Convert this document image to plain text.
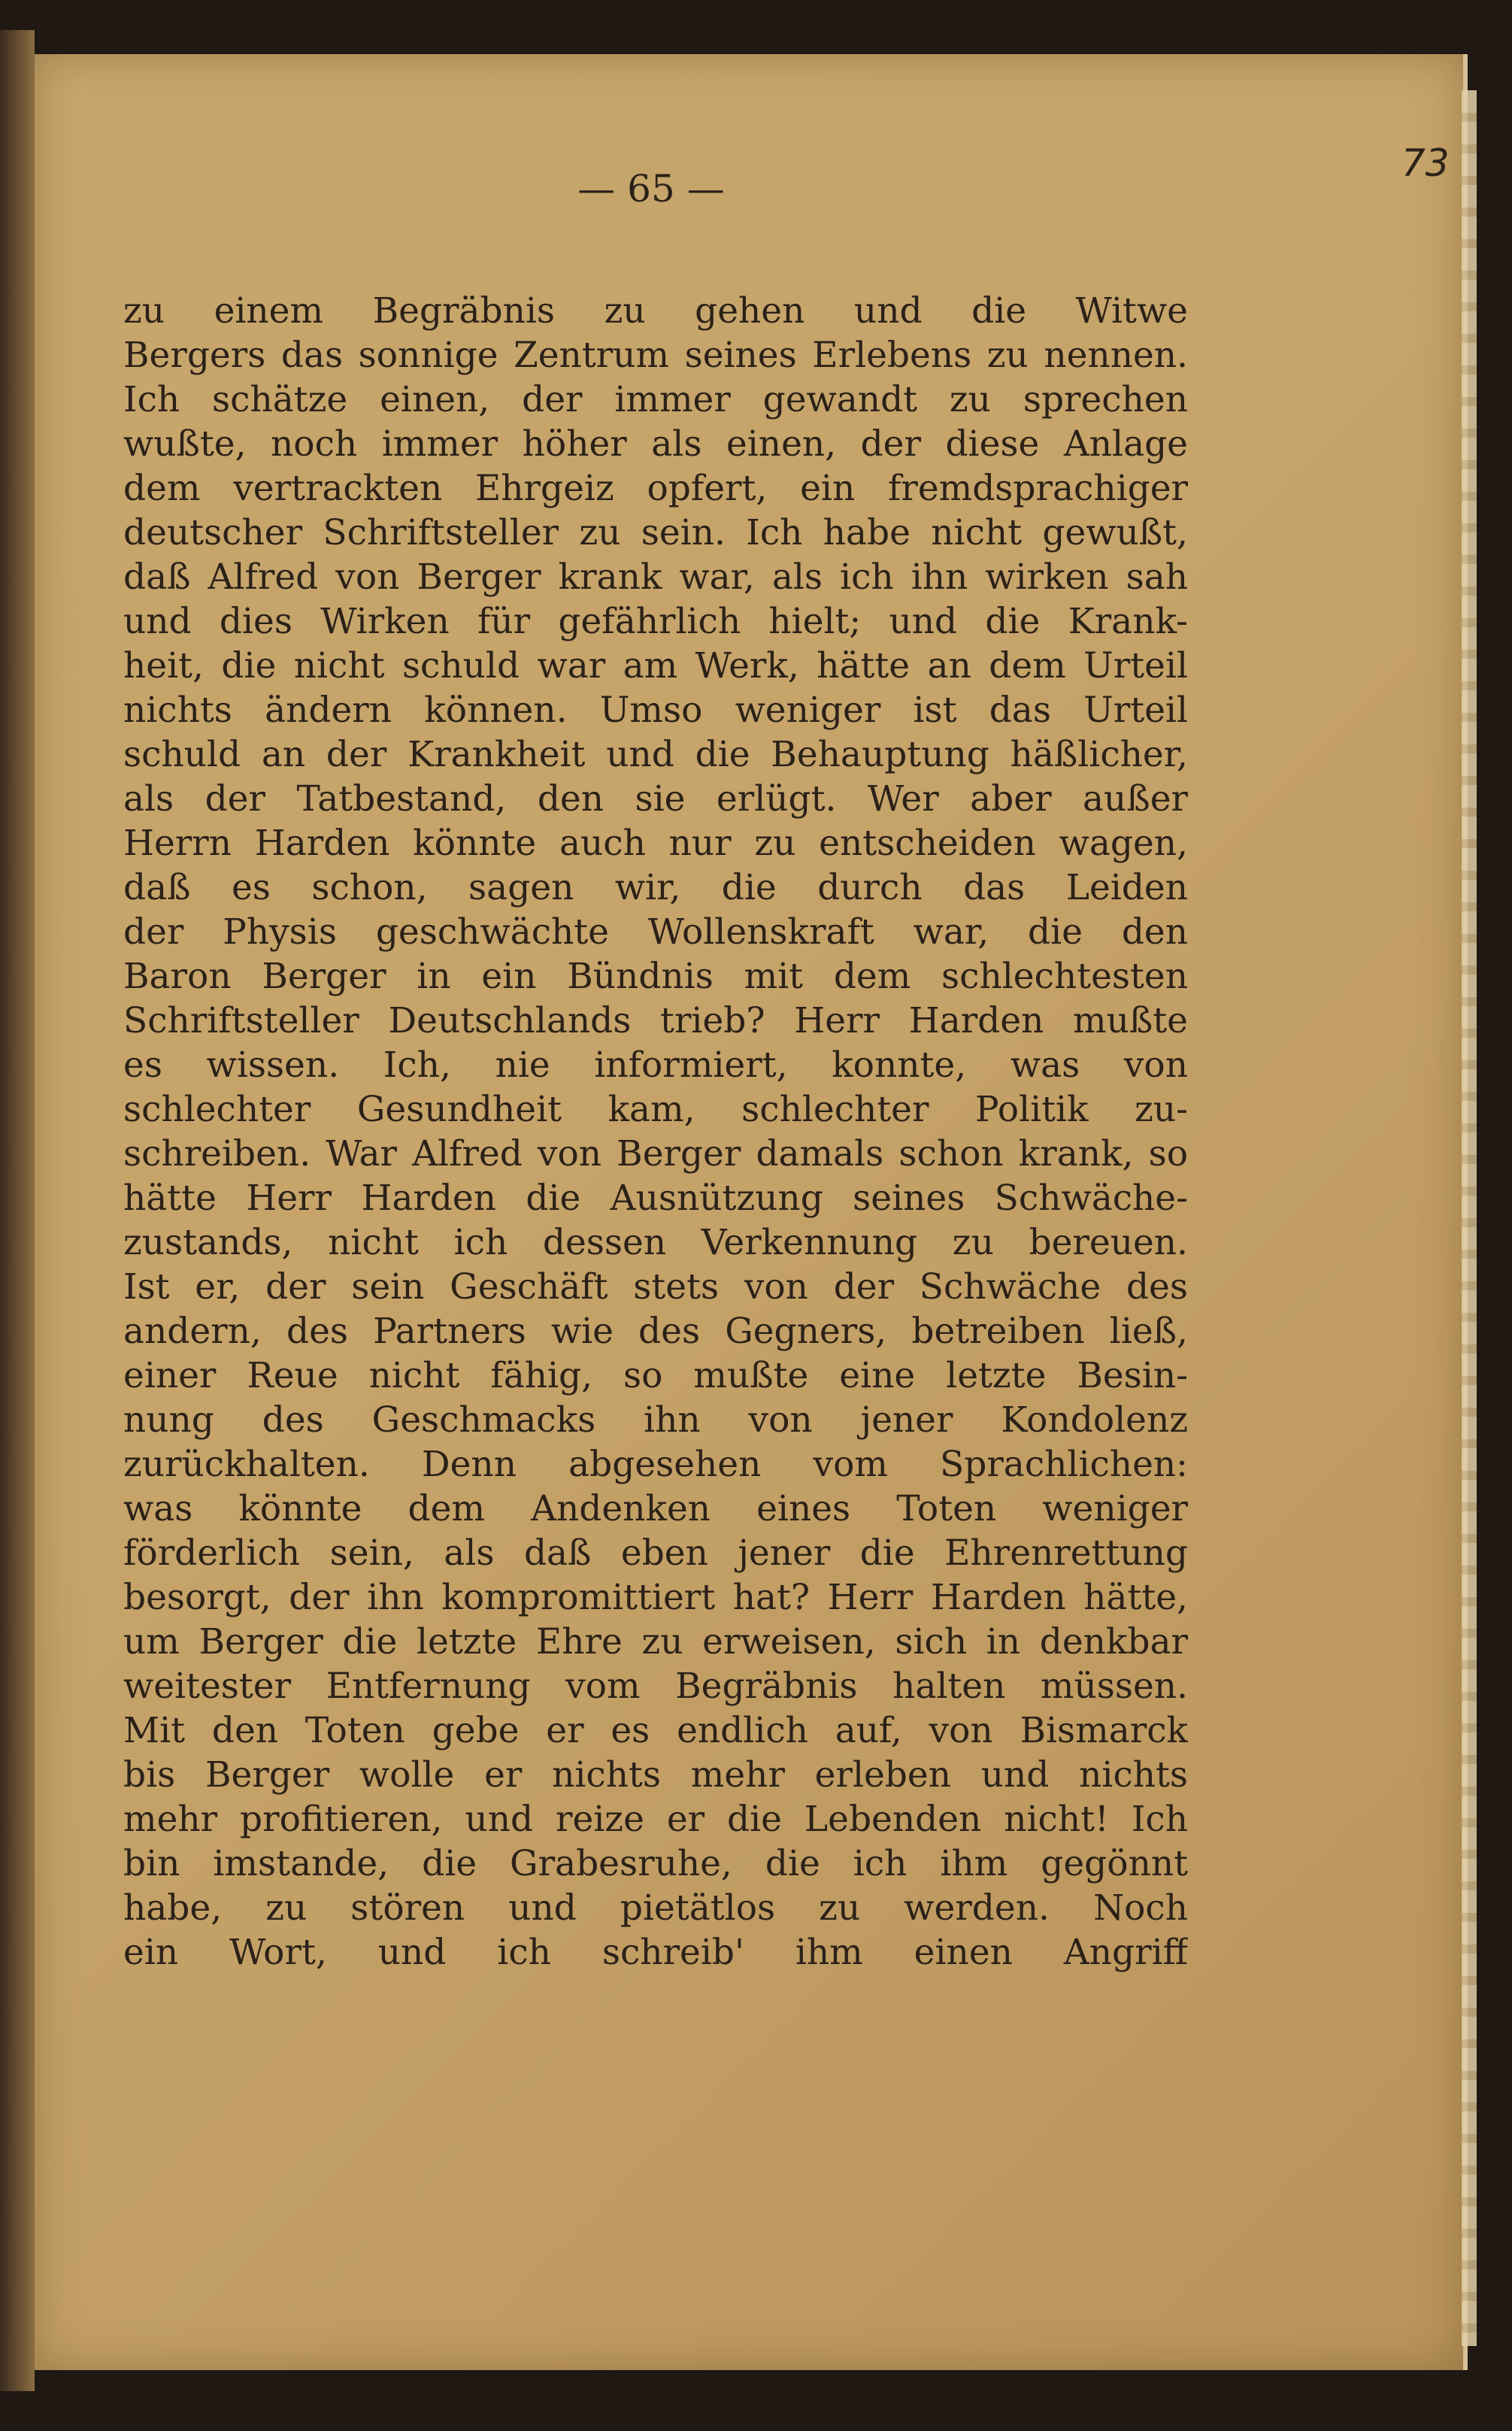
— 65 —
73
zu einem Begräbnis zu gehen und die Witwe
Bergers das sonnige Zentrum seines Erlebens zu nennen.
Ich schätze einen, der immer gewandt zu sprechen
wußte, noch immer höher als einen, der diese Anlage
dem vertrackten Ehrgeiz opfert, ein fremdsprachiger
deutscher Schriftsteller zu sein. Ich habe nicht gewußt,
daß Alfred von Berger krank war, als ich ihn wirken sah
und dies Wirken für gefährlich hielt; und die Krank-
heit, die nicht schuld war am Werk, hätte an dem Urteil
nichts ändern können. Umso weniger ist das Urteil
schuld an der Krankheit und die Behauptung häßlicher,
als der Tatbestand, den sie erlügt. Wer aber außer
Herrn Harden könnte auch nur zu entscheiden wagen,
daß es schon, sagen wir, die durch das Leiden
der Physis geschwächte Wollenskraft war, die den
Baron Berger in ein Bündnis mit dem schlechtesten
Schriftsteller Deutschlands trieb? Herr Harden mußte
es wissen. Ich, nie informiert, konnte, was von
schlechter Gesundheit kam, schlechter Politik zu-
schreiben. War Alfred von Berger damals schon krank, so
hätte Herr Harden die Ausnützung seines Schwäche-
zustands, nicht ich dessen Verkennung zu bereuen.
Ist er, der sein Geschäft stets von der Schwäche des
andern, des Partners wie des Gegners, betreiben ließ,
einer Reue nicht fähig, so mußte eine letzte Besin-
nung des Geschmacks ihn von jener Kondolenz
zurückhalten. Denn abgesehen vom Sprachlichen:
was könnte dem Andenken eines Toten weniger
förderlich sein, als daß eben jener die Ehrenrettung
besorgt, der ihn kompromittiert hat? Herr Harden hätte,
um Berger die letzte Ehre zu erweisen, sich in denkbar
weitester Entfernung vom Begräbnis halten müssen.
Mit den Toten gebe er es endlich auf, von Bismarck
bis Berger wolle er nichts mehr erleben und nichts
mehr profitieren, und reize er die Lebenden nicht! Ich
bin imstande, die Grabesruhe, die ich ihm gegönnt
habe, zu stören und pietätlos zu werden. Noch
ein Wort, und ich schreib' ihm einen Angriff
